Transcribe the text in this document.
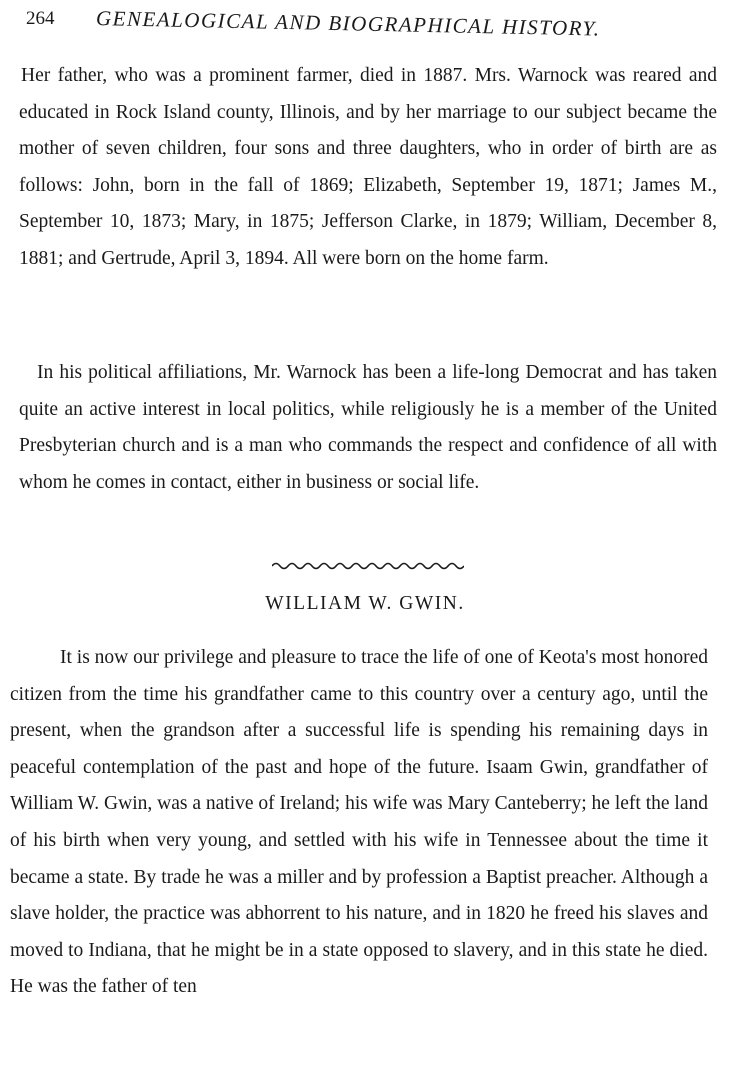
264 GENEALOGICAL AND BIOGRAPHICAL HISTORY.

Her father, who was a prominent farmer, died in 1887. Mrs. Warnock was reared and educated in Rock Island county, Illinois, and by her marriage to our subject became the mother of seven children, four sons and three daughters, who in order of birth are as follows: John, born in the fall of 1869; Elizabeth, September 19, 1871; James M., September 10, 1873; Mary, in 1875; Jefferson Clarke, in 1879; William, December 8, 1881; and Gertrude, April 3, 1894. All were born on the home farm.

In his political affiliations, Mr. Warnock has been a life-long Democrat and has taken quite an active interest in local politics, while religiously he is a member of the United Presbyterian church and is a man who commands the respect and confidence of all with whom he comes in contact, either in business or social life.

WILLIAM W. GWIN.

It is now our privilege and pleasure to trace the life of one of Keota's most honored citizen from the time his grandfather came to this country over a century ago, until the present, when the grandson after a successful life is spending his remaining days in peaceful contemplation of the past and hope of the future. Isaam Gwin, grandfather of William W. Gwin, was a native of Ireland; his wife was Mary Canteberry; he left the land of his birth when very young, and settled with his wife in Tennessee about the time it became a state. By trade he was a miller and by profession a Baptist preacher. Although a slave holder, the practice was abhorrent to his nature, and in 1820 he freed his slaves and moved to Indiana, that he might be in a state opposed to slavery, and in this state he died. He was the father of ten
